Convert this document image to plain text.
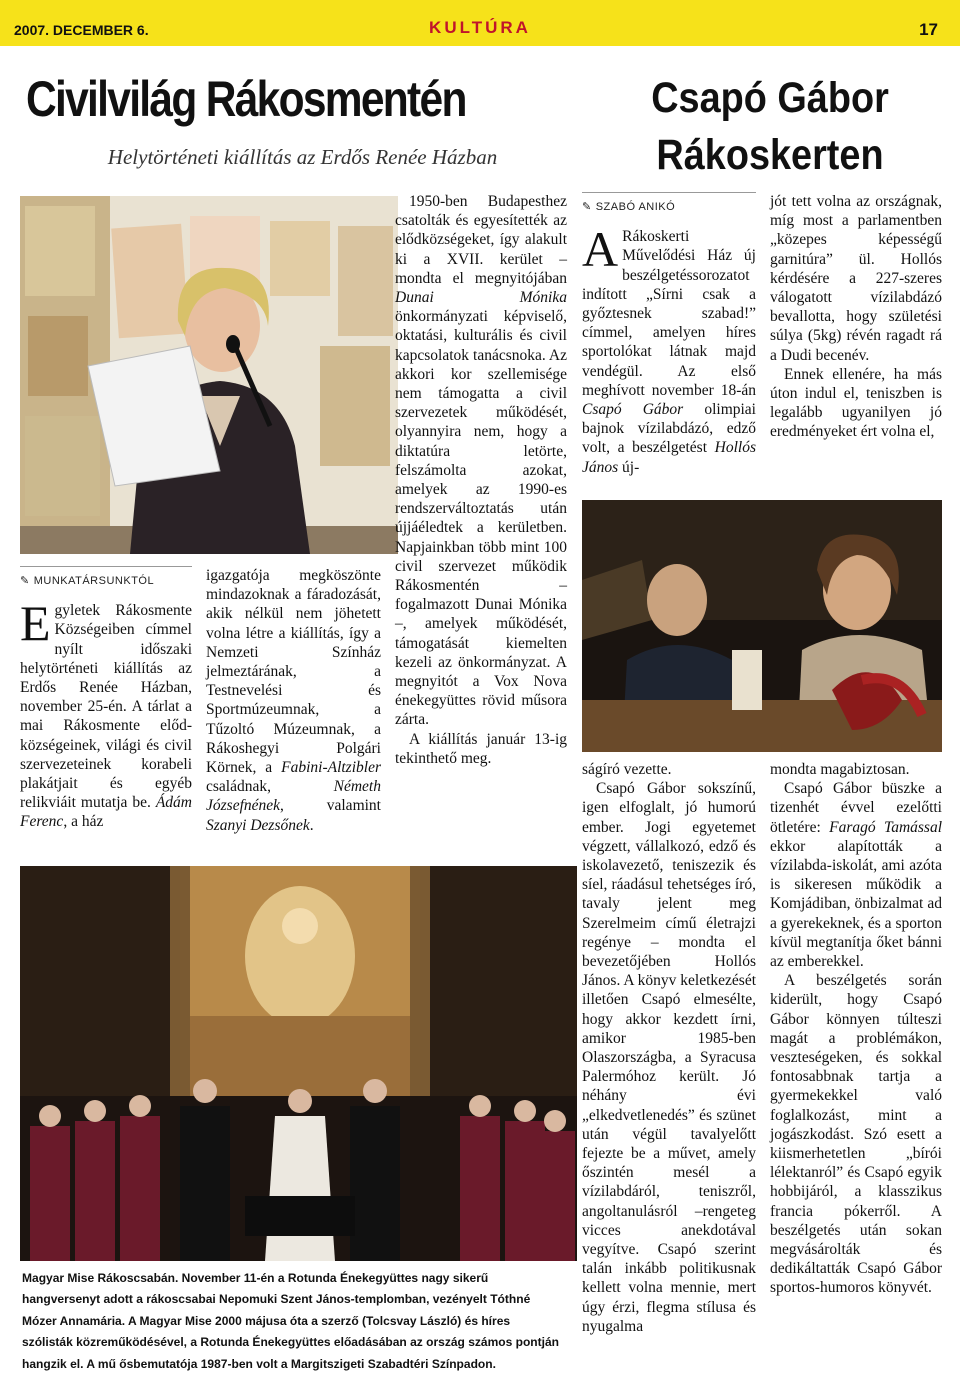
2007. DECEMBER 6.	KULTÚRA	17
Civilvilág Rákosmentén
Helytörténeti kiállítás az Erdős Renée Házban
Csapó Gábor Rákoskerten
✎ MUNKATÁRSUNKTÓL
E gyletek Rákosmente Községeiben címmel nyílt időszaki helytörténeti kiállítás az Erdős Renée Házban, november 25-én. A tárlat a mai Rákosmente elődközségeinek, világi és civil szervezeteinek korabeli plakátjait és egyéb relikviáit mutatja be. Ádám Ferenc, a ház
igazgatója megköszönte mindazoknak a fáradozását, akik nélkül nem jöhetett volna létre a kiállítás, így a Nemzeti Színház jelmeztárának, a Testnevelési és Sportmúzeumnak, a Tűzoltó Múzeumnak, a Rákoshegyi Polgári Körnek, a Fabini-Altzibler családnak, Németh Józsefnének, valamint Szanyi Dezsőnek.

1950-ben Budapesthez csatolták és egyesítették az elődközségeket, így alakult ki a XVII. kerület – mondta el megnyitójában Dunai Mónika önkormányzati képviselő, oktatási, kulturális és civil kapcsolatok tanácsnoka. Az akkori kor szellemisége nem támogatta a civil szervezetek működését, olyannyira nem, hogy a diktatúra letörte, felszámolta azokat, amelyek az 1990-es rendszerváltoztatás után újjáéledtek a kerületben. Napjainkban több mint 100 civil szervezet működik Rákosmentén – fogalmazott Dunai Mónika –, amelyek működését, támogatását kiemelten kezeli az önkormányzat. A megnyitót a Vox Nova énekegyüttes rövid műsora zárta.

A kiállítás január 13-ig tekinthető meg.

Magyar Mise Rákoscsabán. November 11-én a Rotunda Énekegyüttes nagy sikerű hangversenyt adott a rákoscsabai Nepomuki Szent János-templomban, vezényelt Tóthné Mózer Annamária. A Magyar Mise 2000 májusa óta a szerző (Tolcsvay László) és híres szólisták közreműködésével, a Rotunda Énekegyüttes előadásában az ország számos pontján hangzik el. A mű ősbemutatója 1987-ben volt a Margitszigeti Szabadtéri Színpadon.
✎ SZABÓ ANIKÓ
A Rákoskerti Művelődési Ház új beszélgetéssorozatot indított „Sírni csak a győztesnek szabad!” címmel, amelyen híres sportolókat látnak majd vendégül. Az első meghívott november 18-án Csapó Gábor olimpiai bajnok vízilabdázó, edző volt, a beszélgetést Hollós János új-

jót tett volna az országnak, míg most a parlamentben „közepes képességű garnitúra” ül. Hollós kérdésére a 227-szeres válogatott vízilabdázó bevallotta, hogy születési súlya (5kg) révén ragadt rá a Dudi becenév.

Ennek ellenére, ha más úton indul el, teniszben is legalább ugyanilyen jó eredményeket ért volna el,

ságíró vezette.

Csapó Gábor sokszínű, igen elfoglalt, jó humorú ember. Jogi egyetemet végzett, vállalkozó, edző és iskolavezető, teniszezik és síel, ráadásul tehetséges író, tavaly jelent meg Szerelmeim című életrajzi regénye – mondta el bevezetőjében Hollós János. A könyv keletkezését illetően Csapó elmesélte, hogy akkor kezdett írni, amikor 1985-ben Olaszországba, a Syracusa Palermóhoz került. Jó néhány évi „elkedvetlenedés” és szünet után végül tavalyelőtt fejezte be a művet, amely őszintén mesél a vízilabdáról, teniszről, angoltanulásról –rengeteg vicces anekdotával vegyítve. Csapó szerint talán inkább politikusnak kellett volna mennie, mert úgy érzi, flegma stílusa és nyugalma

mondta magabiztosan.

Csapó Gábor büszke a tizenhét évvel ezelőtti ötletére: Faragó Tamással ekkor alapították a vízilabda-iskolát, ami azóta is sikeresen működik a Komjádiban, önbizalmat ad a gyerekeknek, és a sporton kívül megtanítja őket bánni az emberekkel.

A beszélgetés során kiderült, hogy Csapó Gábor könnyen túlteszi magát a problémákon, veszteségeken, és sokkal fontosabbnak tartja a gyermekekkel való foglalkozást, mint a jogászkodást. Szó esett a kiismerhetetlen „bírói lélektanról” és Csapó egyik hobbijáról, a klasszikus francia pókerről. A beszélgetés után sokan megvásárolták és dedikáltatták Csapó Gábor sportos-humoros könyvét.
